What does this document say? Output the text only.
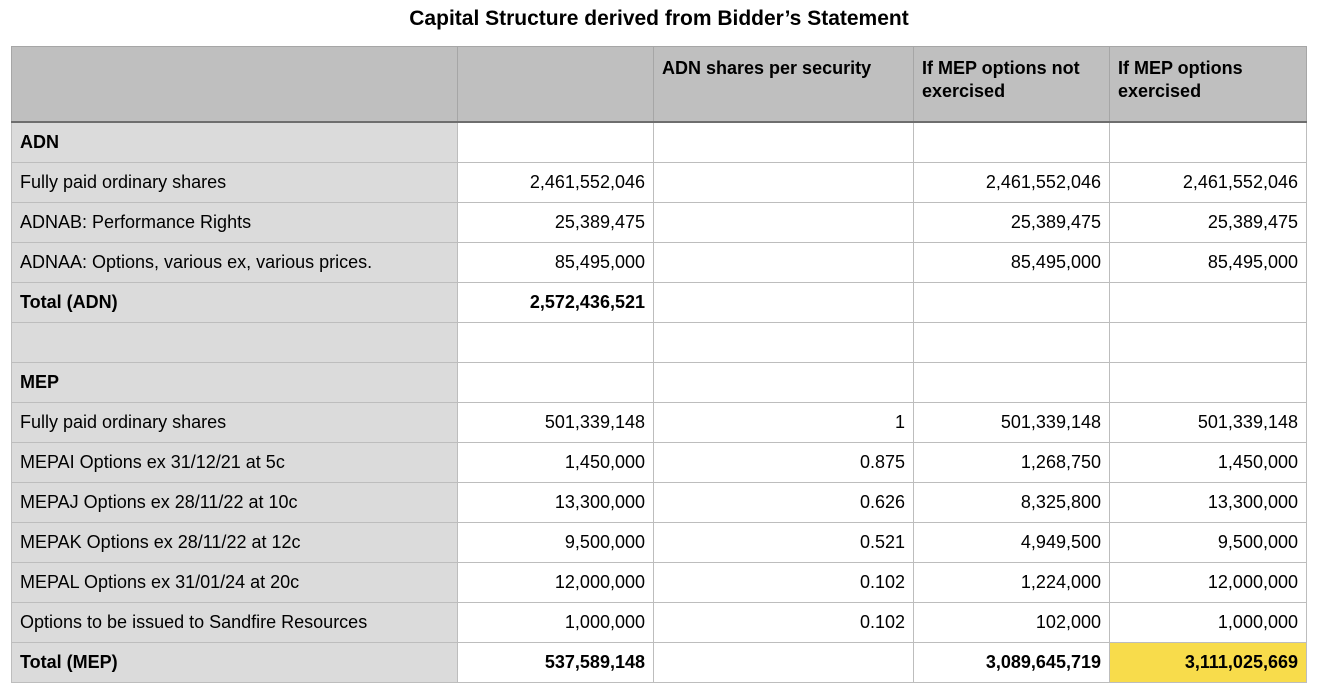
Capital Structure derived from Bidder’s Statement
		ADN shares per security	If MEP options not exercised	If MEP options exercised
ADN				
Fully paid ordinary shares	2,461,552,046		2,461,552,046	2,461,552,046
ADNAB: Performance Rights	25,389,475		25,389,475	25,389,475
ADNAA: Options, various ex, various prices.	85,495,000		85,495,000	85,495,000
Total (ADN)	2,572,436,521			

MEP				
Fully paid ordinary shares	501,339,148	1	501,339,148	501,339,148
MEPAI Options ex 31/12/21 at 5c	1,450,000	0.875	1,268,750	1,450,000
MEPAJ Options ex 28/11/22 at 10c	13,300,000	0.626	8,325,800	13,300,000
MEPAK Options ex 28/11/22 at 12c	9,500,000	0.521	4,949,500	9,500,000
MEPAL Options ex 31/01/24 at 20c	12,000,000	0.102	1,224,000	12,000,000
Options to be issued to Sandfire Resources	1,000,000	0.102	102,000	1,000,000
Total (MEP)	537,589,148		3,089,645,719	3,111,025,669
